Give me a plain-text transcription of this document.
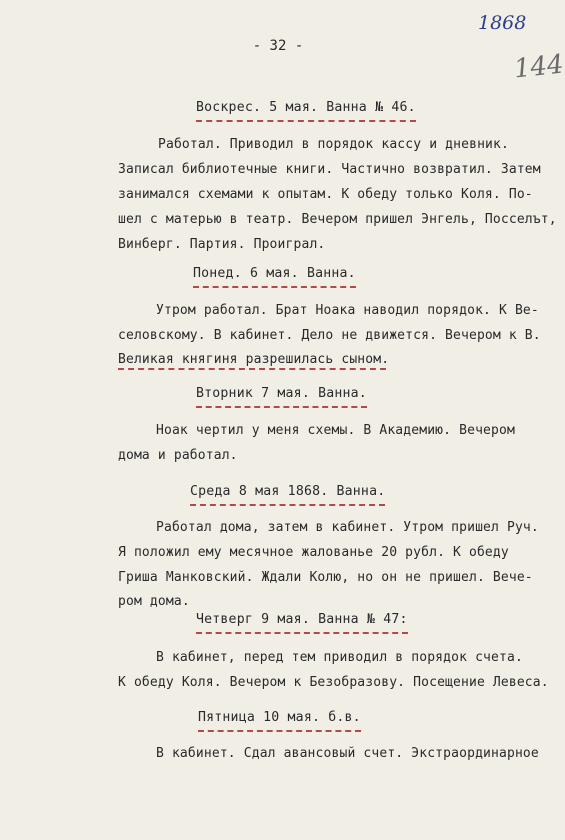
1868
144
- 32 -
Воскрес. 5 мая. Ванна № 46.
Работал. Приводил в порядок кассу и дневник.
Записал библиотечные книги. Частично возвратил. Затем
занимался схемами к опытам. К обеду только Коля. По-
шел с матерью в театр. Вечером пришел Энгель, Посселът,
Винберг. Партия. Проиграл.
Понед. 6 мая. Ванна.
Утром работал. Брат Ноака наводил порядок. К Ве-
селовскому. В кабинет. Дело не движется. Вечером к В.
Великая княгиня разрешилась сыном.
Вторник 7 мая. Ванна.
Ноак чертил у меня схемы. В Академию. Вечером
дома и работал.
Среда 8 мая 1868. Ванна.
Работал дома, затем в кабинет. Утром пришел Руч.
Я положил ему месячное жалованье 20 рубл. К обеду
Гриша Манковский. Ждали Колю, но он не пришел. Вече-
ром дома.
Четверг 9 мая. Ванна № 47:
В кабинет, перед тем приводил в порядок счета.
К обеду Коля. Вечером к Безобразову. Посещение Левеса.
Пятница 10 мая. б.в.
В кабинет. Сдал авансовый счет. Экстраординарное
